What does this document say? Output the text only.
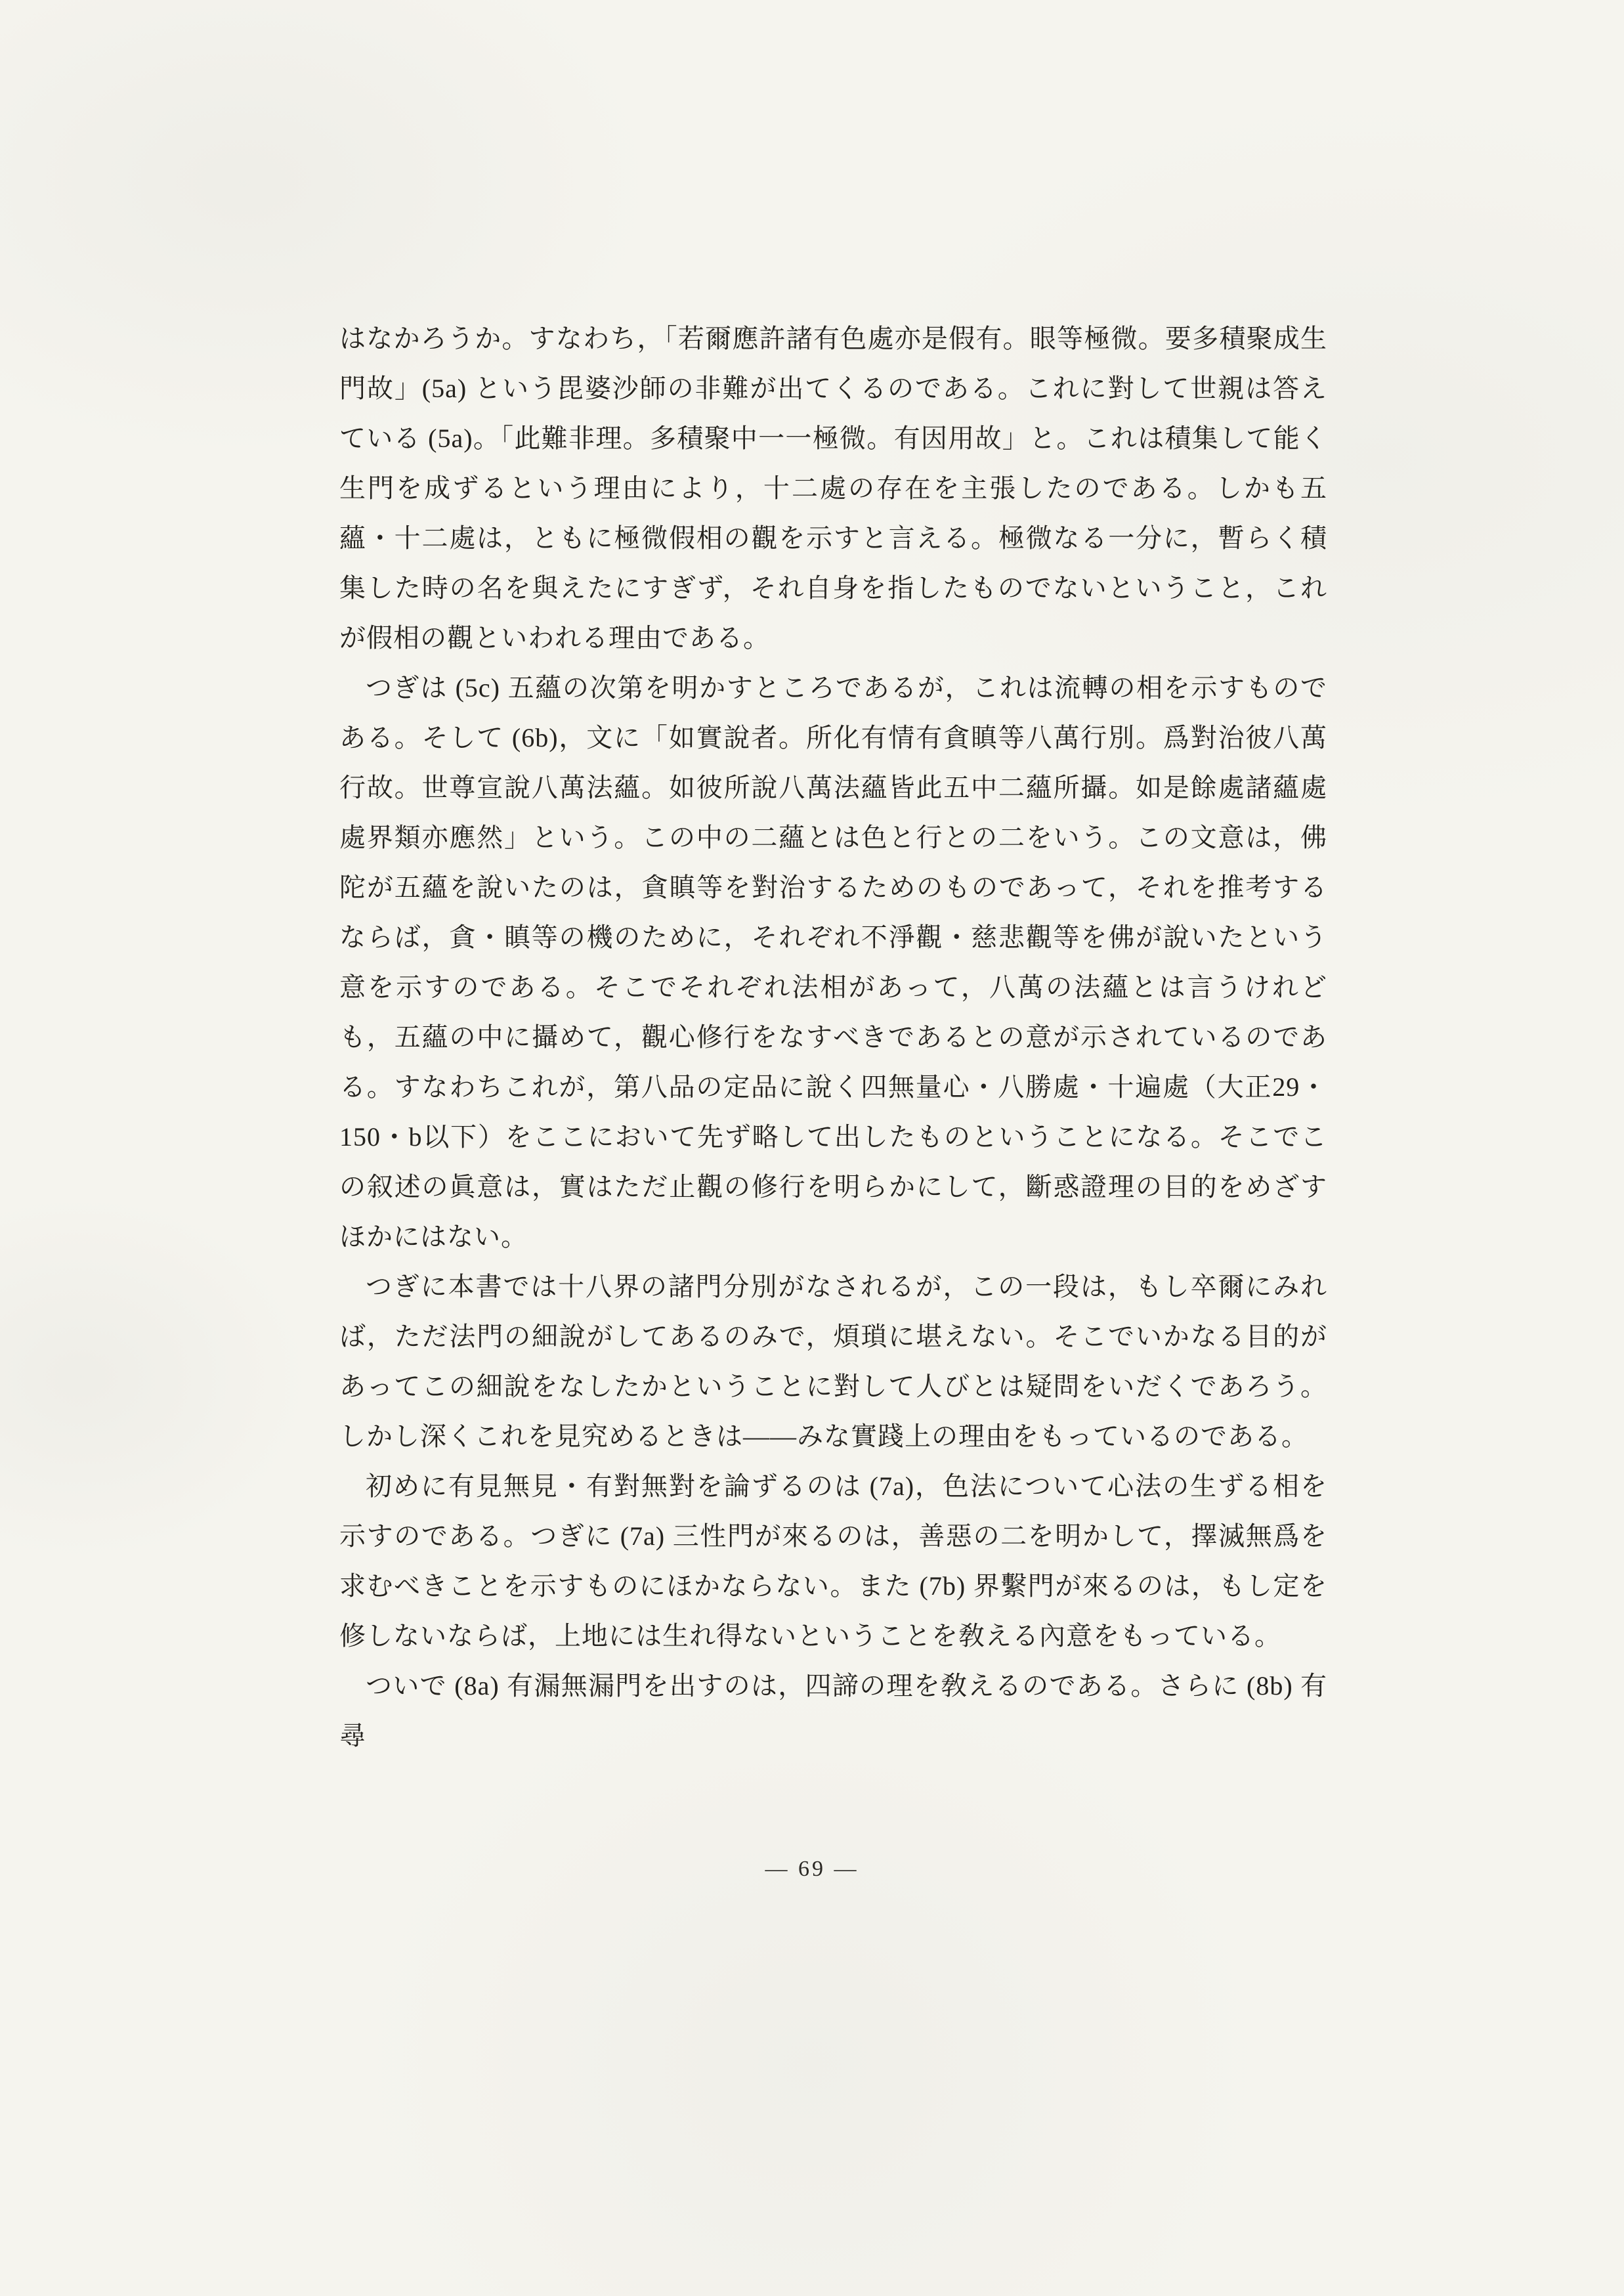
はなかろうか。すなわち，「若爾應許諸有色處亦是假有。眼等極微。要多積聚成生門故」(5a) という毘婆沙師の非難が出てくるのである。これに對して世親は答えている (5a)。「此難非理。多積聚中一一極微。有因用故」と。これは積集して能く生門を成ずるという理由により，十二處の存在を主張したのである。しかも五蘊・十二處は，ともに極微假相の觀を示すと言える。極微なる一分に，暫らく積集した時の名を與えたにすぎず，それ自身を指したものでないということ，これが假相の觀といわれる理由である。

つぎは (5c) 五蘊の次第を明かすところであるが，これは流轉の相を示すものである。そして (6b)，文に「如實說者。所化有情有貪瞋等八萬行別。爲對治彼八萬行故。世尊宣說八萬法蘊。如彼所說八萬法蘊皆此五中二蘊所攝。如是餘處諸蘊處處界類亦應然」という。この中の二蘊とは色と行との二をいう。この文意は，佛陀が五蘊を說いたのは，貪瞋等を對治するためのものであって，それを推考するならば，貪・瞋等の機のために，それぞれ不淨觀・慈悲觀等を佛が說いたという意を示すのである。そこでそれぞれ法相があって，八萬の法蘊とは言うけれども，五蘊の中に攝めて，觀心修行をなすべきであるとの意が示されているのである。すなわちこれが，第八品の定品に說く四無量心・八勝處・十遍處（大正29・150・b以下）をここにおいて先ず略して出したものということになる。そこでこの叙述の眞意は，實はただ止觀の修行を明らかにして，斷惑證理の目的をめざすほかにはない。

つぎに本書では十八界の諸門分別がなされるが，この一段は，もし卒爾にみれば，ただ法門の細說がしてあるのみで，煩瑣に堪えない。そこでいかなる目的があってこの細說をなしたかということに對して人びとは疑問をいだくであろう。しかし深くこれを見究めるときは——みな實踐上の理由をもっているのである。

初めに有見無見・有對無對を論ずるのは (7a)，色法について心法の生ずる相を示すのである。つぎに (7a) 三性門が來るのは，善惡の二を明かして，擇滅無爲を求むべきことを示すものにほかならない。また (7b) 界繫門が來るのは，もし定を修しないならば，上地には生れ得ないということを敎える內意をもっている。

ついで (8a) 有漏無漏門を出すのは，四諦の理を敎えるのである。さらに (8b) 有尋

— 69 —
